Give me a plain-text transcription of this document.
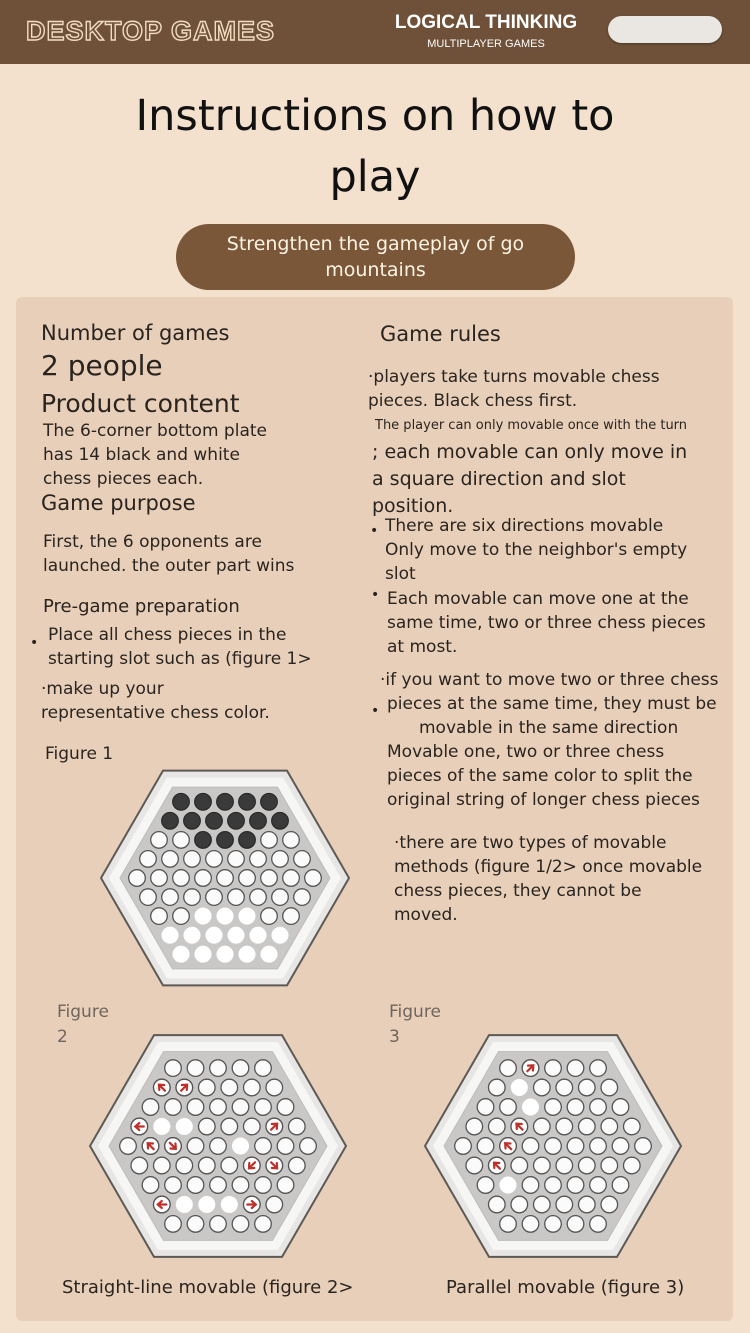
DESKTOP GAMES	LOGICAL THINKING
MULTIPLAYER GAMES
Instructions on how to
play
Strengthen the gameplay of go
mountains
Number of games
2 people
Product content
The 6-corner bottom plate
has 14 black and white
chess pieces each.
Game purpose
First, the 6 opponents are
launched. the outer part wins
Pre-game preparation
• Place all chess pieces in the
starting slot such as (figure 1>
·make up your
representative chess color.
Game rules
·players take turns movable chess
pieces. Black chess first.
The player can only movable once with the turn
; each movable can only move in
a square direction and slot
position.
• There are six directions movable
Only move to the neighbor's empty
slot
• Each movable can move one at the
same time, two or three chess pieces
at most.
•
·if you want to move two or three chess
pieces at the same time, they must be
movable in the same direction
Movable one, two or three chess
pieces of the same color to split the
original string of longer chess pieces
·there are two types of movable
methods (figure 1/2> once movable
chess pieces, they cannot be
moved.
Figure 1
Figure
2
Figure
3
Straight-line movable (figure 2>	Parallel movable (figure 3)
